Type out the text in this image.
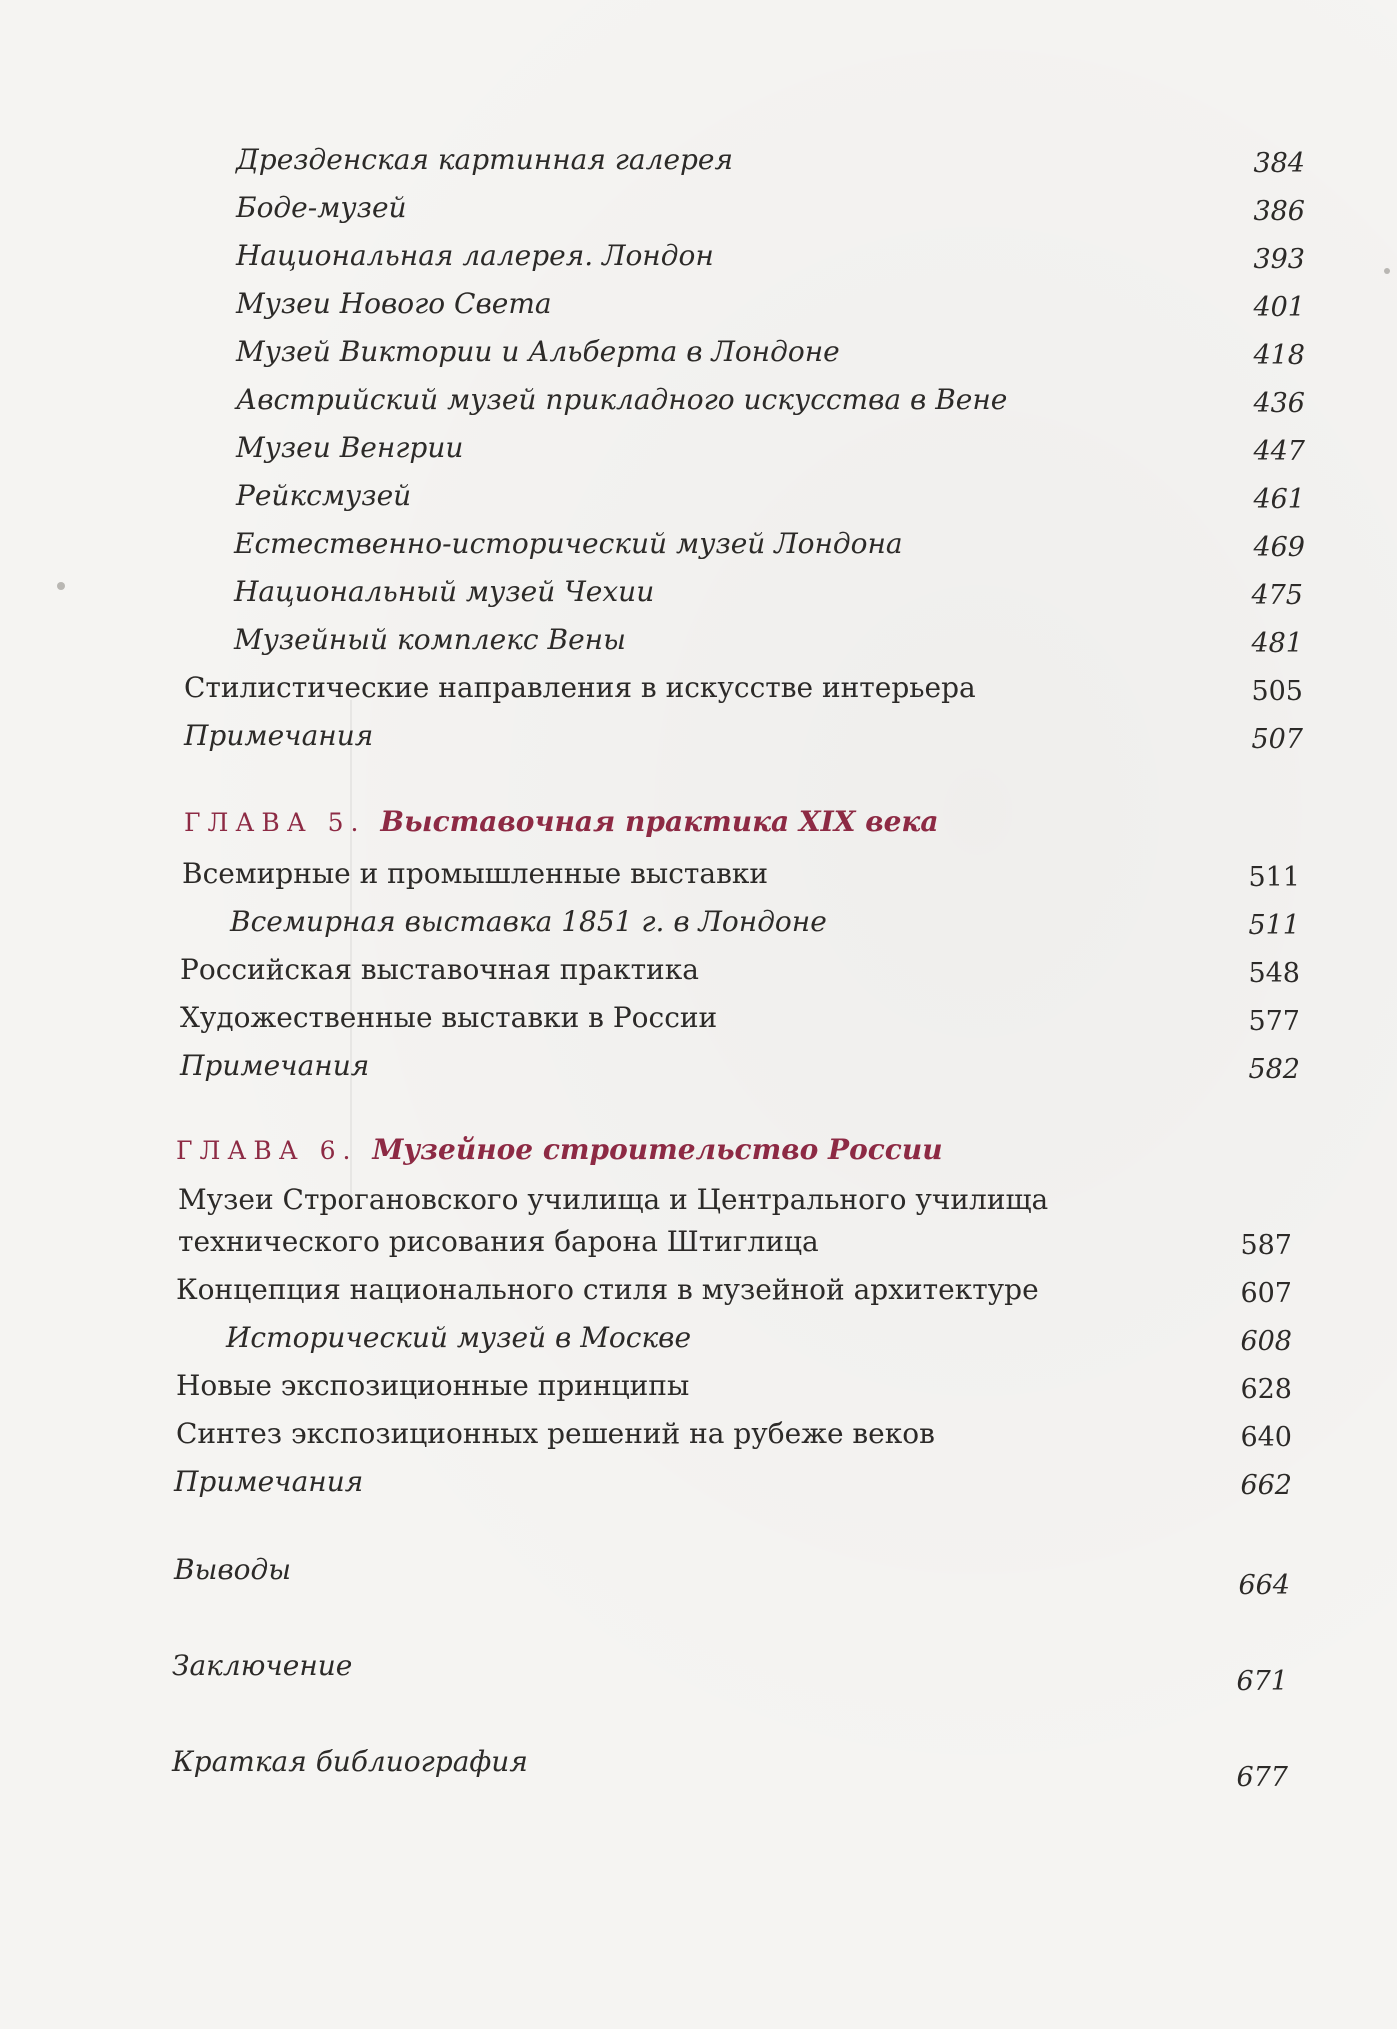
Дрезденская картинная галерея	384
Боде-музей	386
Национальная лалерея. Лондон	393
Музеи Нового Света	401
Музей Виктории и Альберта в Лондоне	418
Австрийский музей прикладного искусства в Вене	436
Музеи Венгрии	447
Рейксмузей	461
Естественно-исторический музей Лондона	469
Национальный музей Чехии	475
Музейный комплекс Вены	481
Стилистические направления в искусстве интерьера	505
Примечания	507
ГЛАВА 5. Выставочная практика XIX века
Всемирные и промышленные выставки	511
Всемирная выставка 1851 г. в Лондоне	511
Российская выставочная практика	548
Художественные выставки в России	577
Примечания	582
ГЛАВА 6. Музейное строительство России
Музеи Строгановского училища и Центрального училища
технического рисования барона Штиглица	587
Концепция национального стиля в музейной архитектуре	607
Исторический музей в Москве	608
Новые экспозиционные принципы	628
Синтез экспозиционных решений на рубеже веков	640
Примечания	662
Выводы	664
Заключение	671
Краткая библиография	677
